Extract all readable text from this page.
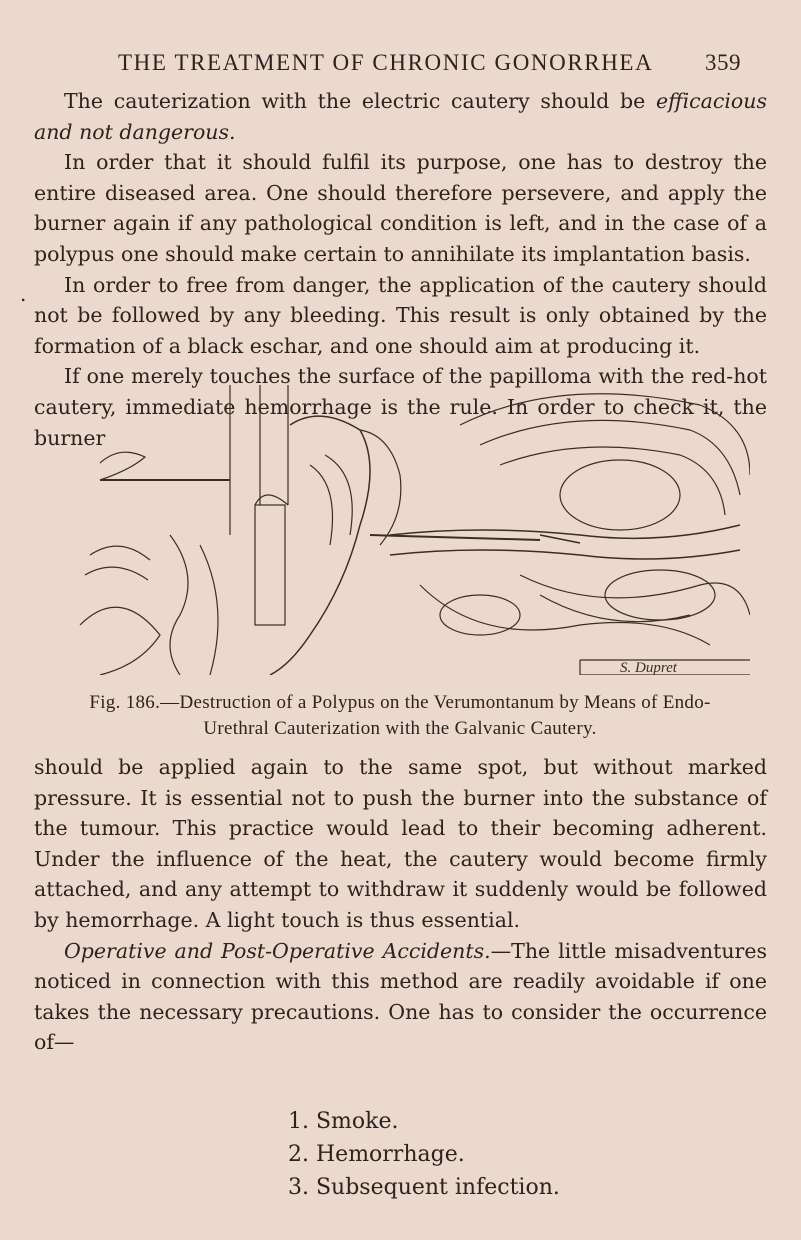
THE TREATMENT OF CHRONIC GONORRHEA 359

The cauterization with the electric cautery should be efficacious and not dangerous.

In order that it should fulfil its purpose, one has to destroy the entire diseased area. One should therefore persevere, and apply the burner again if any pathological condition is left, and in the case of a polypus one should make certain to annihilate its implantation basis.

In order to free from danger, the application of the cautery should not be followed by any bleeding. This result is only obtained by the formation of a black eschar, and one should aim at producing it.

If one merely touches the surface of the papilloma with the red-hot cautery, immediate hemorrhage is the rule. In order to check it, the burner

.
S. Dupret
Fig. 186.—Destruction of a Polypus on the Verumontanum by Means of Endo-Urethral Cauterization with the Galvanic Cautery.

should be applied again to the same spot, but without marked pressure. It is essential not to push the burner into the substance of the tumour. This practice would lead to their becoming adherent. Under the influence of the heat, the cautery would become firmly attached, and any attempt to withdraw it suddenly would be followed by hemorrhage. A light touch is thus essential.

Operative and Post-Operative Accidents.—The little misadventures noticed in connection with this method are readily avoidable if one takes the necessary precautions. One has to consider the occurrence of—

1. Smoke.
2. Hemorrhage.
3. Subsequent infection.
